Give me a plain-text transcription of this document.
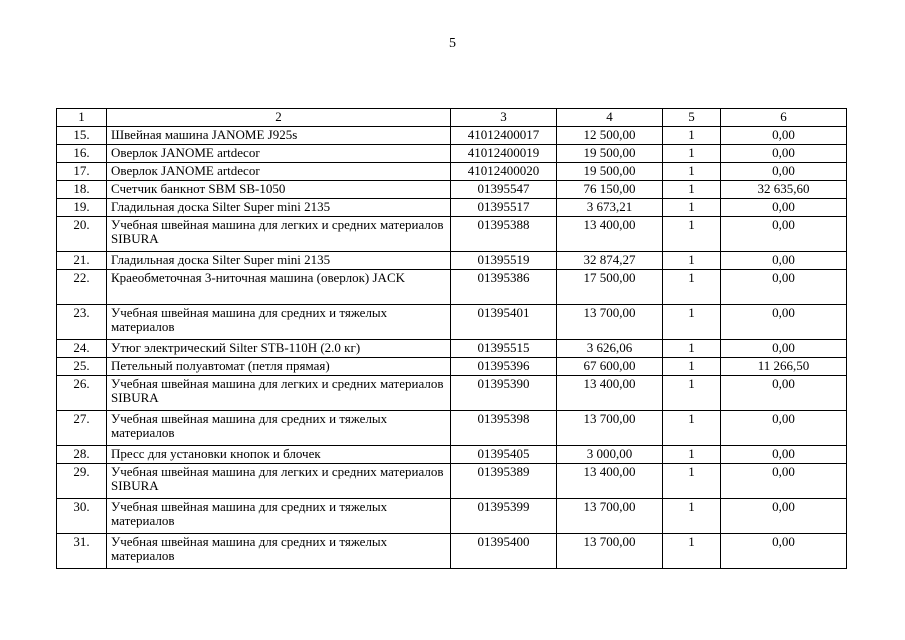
5
1	2	3	4	5	6
15.	Швейная машина JANOME J925s	41012400017	12 500,00	1	0,00
16.	Оверлок JANOME artdecor	41012400019	19 500,00	1	0,00
17.	Оверлок JANOME artdecor	41012400020	19 500,00	1	0,00
18.	Счетчик банкнот SBM SB-1050	01395547	76 150,00	1	32 635,60
19.	Гладильная доска Silter Super mini 2135	01395517	3 673,21	1	0,00
20.	Учебная швейная машина для легких и средних материалов SIBURA	01395388	13 400,00	1	0,00
21.	Гладильная доска Silter Super mini 2135	01395519	32 874,27	1	0,00
22.	Краеобметочная 3-ниточная машина (оверлок) JACK	01395386	17 500,00	1	0,00
23.	Учебная швейная машина для средних и тяжелых материалов	01395401	13 700,00	1	0,00
24.	Утюг электрический Silter STB-110H (2.0 кг)	01395515	3 626,06	1	0,00
25.	Петельный полуавтомат (петля прямая)	01395396	67 600,00	1	11 266,50
26.	Учебная швейная машина для легких и средних материалов SIBURA	01395390	13 400,00	1	0,00
27.	Учебная швейная машина для средних и тяжелых материалов	01395398	13 700,00	1	0,00
28.	Пресс для установки кнопок и блочек	01395405	3 000,00	1	0,00
29.	Учебная швейная машина для легких и средних материалов SIBURA	01395389	13 400,00	1	0,00
30.	Учебная швейная машина для средних и тяжелых материалов	01395399	13 700,00	1	0,00
31.	Учебная швейная машина для средних и тяжелых материалов	01395400	13 700,00	1	0,00
